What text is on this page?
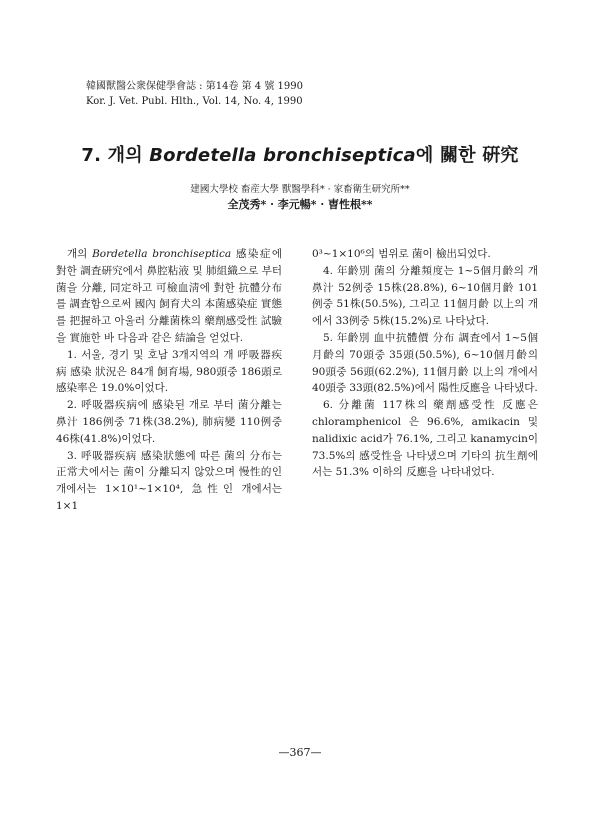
韓國獸醫公衆保健學會誌 : 第14卷 第 4 號 1990
Kor. J. Vet. Publ. Hlth., Vol. 14, No. 4, 1990
7. 개의 Bordetella bronchiseptica에 關한 硏究
建國大學校 畜産大學 獸醫學科* · 家畜衛生研究所**
全茂秀* · 李元暢* · 曺性根**

개의 Bordetella bronchiseptica 感染症에 對한 調査硏究에서 鼻腔粘液 및 肺組織으로 부터 菌을 分離, 同定하고 可檢血淸에 對한 抗體分布를 調査함으로써 國內 飼育犬의 本菌感染症 實態를 把握하고 아울러 分離菌株의 藥劑感受性 試驗을 實施한 바 다음과 같은 結論을 얻었다.

1. 서울, 경기 및 호남 3개지역의 개 呼吸器疾病 感染 狀況은 84개 飼育場, 980頭중 186頭로 感染率은 19.0%이었다.

2. 呼吸器疾病에 感染된 개로 부터 菌分離는 鼻汁 186例중 71株(38.2%), 肺病變 110例중 46株(41.8%)이었다.

3. 呼吸器疾病 感染狀態에 따른 菌의 分布는 正常犬에서는 菌이 分離되지 않았으며 慢性的인 개에서는 1×10¹~1×10⁴, 急性인 개에서는 1×1

0³~1×10⁶의 범위로 菌이 檢出되었다.

4. 年齡別 菌의 分離頻度는 1~5個月齡의 개鼻汁 52例중 15株(28.8%), 6~10個月齡 101例중 51株(50.5%), 그리고 11個月齡 以上의 개에서 33例중 5株(15.2%)로 나타났다.

5. 年齡別 血中抗體價 分布 調査에서 1~5個月齡의 70頭중 35頭(50.5%), 6~10個月齡의 90頭중 56頭(62.2%), 11個月齡 以上의 개에서 40頭중 33頭(82.5%)에서 陽性反應을 나타냈다.

6. 分離菌 117株의 藥劑感受性 反應은 chloramphenicol 은 96.6%, amikacin 및 nalidixic acid가 76.1%, 그리고 kanamycin이 73.5%의 感受性을 나타냈으며 기타의 抗生劑에서는 51.3% 이하의 反應을 나타내었다.

—367—
